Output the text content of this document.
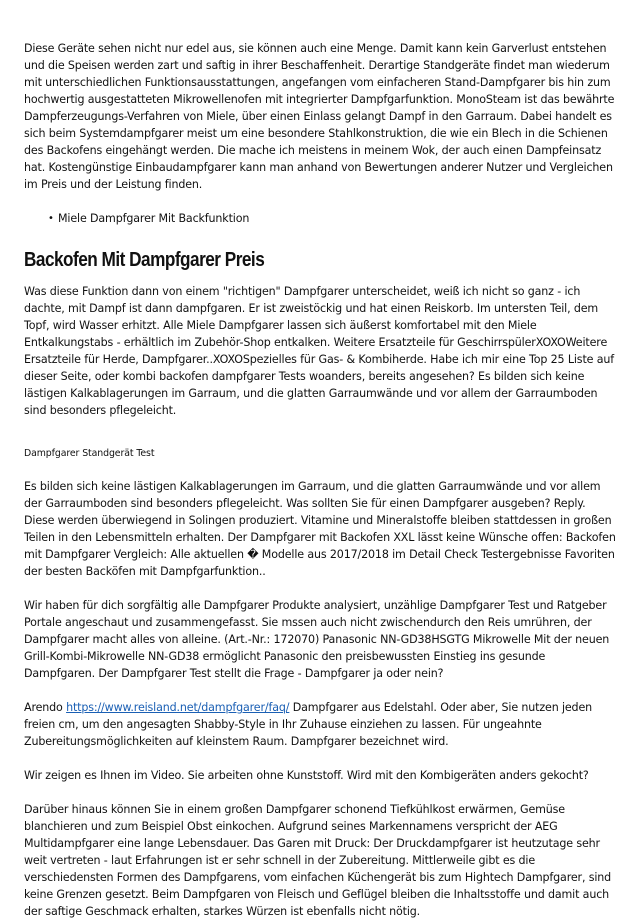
Diese Geräte sehen nicht nur edel aus, sie können auch eine Menge. Damit kann kein Garverlust entstehen und die Speisen werden zart und saftig in ihrer Beschaffenheit. Derartige Standgeräte findet man wiederum mit unterschiedlichen Funktionsausstattungen, angefangen vom einfacheren Stand-Dampfgarer bis hin zum hochwertig ausgestatteten Mikrowellenofen mit integrierter Dampfgarfunktion. MonoSteam ist das bewährte Dampferzeugungs-Verfahren von Miele, über einen Einlass gelangt Dampf in den Garraum. Dabei handelt es sich beim Systemdampfgarer meist um eine besondere Stahlkonstruktion, die wie ein Blech in die Schienen des Backofens eingehängt werden. Die mache ich meistens in meinem Wok, der auch einen Dampfeinsatz hat. Kostengünstige Einbaudampfgarer kann man anhand von Bewertungen anderer Nutzer und Vergleichen im Preis und der Leistung finden.

• Miele Dampfgarer Mit Backfunktion
Backofen Mit Dampfgarer Preis

Was diese Funktion dann von einem "richtigen" Dampfgarer unterscheidet, weiß ich nicht so ganz - ich dachte, mit Dampf ist dann dampfgaren. Er ist zweistöckig und hat einen Reiskorb. Im untersten Teil, dem Topf, wird Wasser erhitzt. Alle Miele Dampfgarer lassen sich äußerst komfortabel mit den Miele Entkalkungstabs - erhältlich im Zubehör-Shop entkalken. Weitere Ersatzteile für GeschirrspülerXOXOWeitere Ersatzteile für Herde, Dampfgarer..XOXOSpezielles für Gas- & Kombiherde. Habe ich mir eine Top 25 Liste auf dieser Seite, oder kombi backofen dampfgarer Tests woanders, bereits angesehen? Es bilden sich keine lästigen Kalkablagerungen im Garraum, und die glatten Garraumwände und vor allem der Garraumboden sind besonders pflegeleicht.

Dampfgarer Standgerät Test

Es bilden sich keine lästigen Kalkablagerungen im Garraum, und die glatten Garraumwände und vor allem der Garraumboden sind besonders pflegeleicht. Was sollten Sie für einen Dampfgarer ausgeben? Reply. Diese werden überwiegend in Solingen produziert. Vitamine und Mineralstoffe bleiben stattdessen in großen Teilen in den Lebensmitteln erhalten. Der Dampfgarer mit Backofen XXL lässt keine Wünsche offen: Backofen mit Dampfgarer Vergleich: Alle aktuellen � Modelle aus 2017/2018 im Detail Check Testergebnisse Favoriten der besten Backöfen mit Dampfgarfunktion..

Wir haben für dich sorgfältig alle Dampfgarer Produkte analysiert, unzählige Dampfgarer Test und Ratgeber Portale angeschaut und zusammengefasst. Sie mssen auch nicht zwischendurch den Reis umrühren, der Dampfgarer macht alles von alleine. (Art.-Nr.: 172070) Panasonic NN-GD38HSGTG Mikrowelle Mit der neuen Grill-Kombi-Mikrowelle NN-GD38 ermöglicht Panasonic den preisbewussten Einstieg ins gesunde Dampfgaren. Der Dampfgarer Test stellt die Frage - Dampfgarer ja oder nein?

Arendo https://www.reisland.net/dampfgarer/faq/ Dampfgarer aus Edelstahl. Oder aber, Sie nutzen jeden freien cm, um den angesagten Shabby-Style in Ihr Zuhause einziehen zu lassen. Für ungeahnte Zubereitungsmöglichkeiten auf kleinstem Raum. Dampfgarer bezeichnet wird.

Wir zeigen es Ihnen im Video. Sie arbeiten ohne Kunststoff. Wird mit den Kombigeräten anders gekocht?

Darüber hinaus können Sie in einem großen Dampfgarer schonend Tiefkühlkost erwärmen, Gemüse blanchieren und zum Beispiel Obst einkochen. Aufgrund seines Markennamens verspricht der AEG Multidampfgarer eine lange Lebensdauer. Das Garen mit Druck: Der Druckdampfgarer ist heutzutage sehr weit vertreten - laut Erfahrungen ist er sehr schnell in der Zubereitung. Mittlerweile gibt es die verschiedensten Formen des Dampfgarens, vom einfachen Küchengerät bis zum Hightech Dampfgarer, sind keine Grenzen gesetzt. Beim Dampfgaren von Fleisch und Geflügel bleiben die Inhaltsstoffe und damit auch der saftige Geschmack erhalten, starkes Würzen ist ebenfalls nicht nötig.
